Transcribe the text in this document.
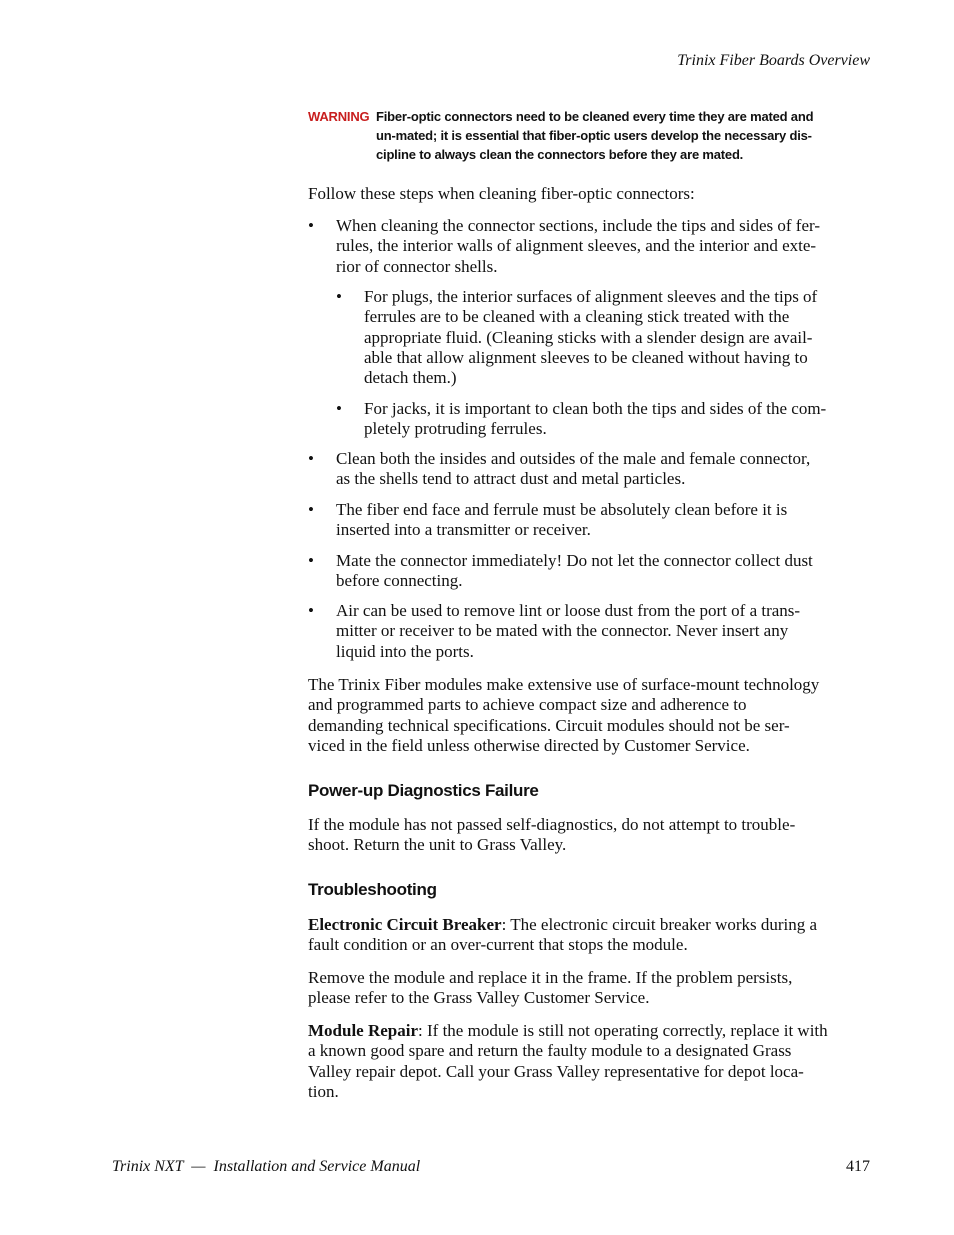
Trinix Fiber Boards Overview
WARNING Fiber-optic connectors need to be cleaned every time they are mated and
un-mated; it is essential that fiber-optic users develop the necessary dis-
cipline to always clean the connectors before they are mated.
Follow these steps when cleaning fiber-optic connectors:
• When cleaning the connector sections, include the tips and sides of fer-
rules, the interior walls of alignment sleeves, and the interior and exte-
rior of connector shells.
• For plugs, the interior surfaces of alignment sleeves and the tips of
ferrules are to be cleaned with a cleaning stick treated with the
appropriate fluid. (Cleaning sticks with a slender design are avail-
able that allow alignment sleeves to be cleaned without having to
detach them.)
• For jacks, it is important to clean both the tips and sides of the com-
pletely protruding ferrules.
• Clean both the insides and outsides of the male and female connector,
as the shells tend to attract dust and metal particles.
• The fiber end face and ferrule must be absolutely clean before it is
inserted into a transmitter or receiver.
• Mate the connector immediately! Do not let the connector collect dust
before connecting.
• Air can be used to remove lint or loose dust from the port of a trans-
mitter or receiver to be mated with the connector. Never insert any
liquid into the ports.
The Trinix Fiber modules make extensive use of surface-mount technology
and programmed parts to achieve compact size and adherence to
demanding technical specifications. Circuit modules should not be ser-
viced in the field unless otherwise directed by Customer Service.
Power-up Diagnostics Failure
If the module has not passed self-diagnostics, do not attempt to trouble-
shoot. Return the unit to Grass Valley.
Troubleshooting
Electronic Circuit Breaker: The electronic circuit breaker works during a
fault condition or an over-current that stops the module.
Remove the module and replace it in the frame. If the problem persists,
please refer to the Grass Valley Customer Service.
Module Repair: If the module is still not operating correctly, replace it with
a known good spare and return the faulty module to a designated Grass
Valley repair depot. Call your Grass Valley representative for depot loca-
tion.
Trinix NXT  —  Installation and Service Manual	417
